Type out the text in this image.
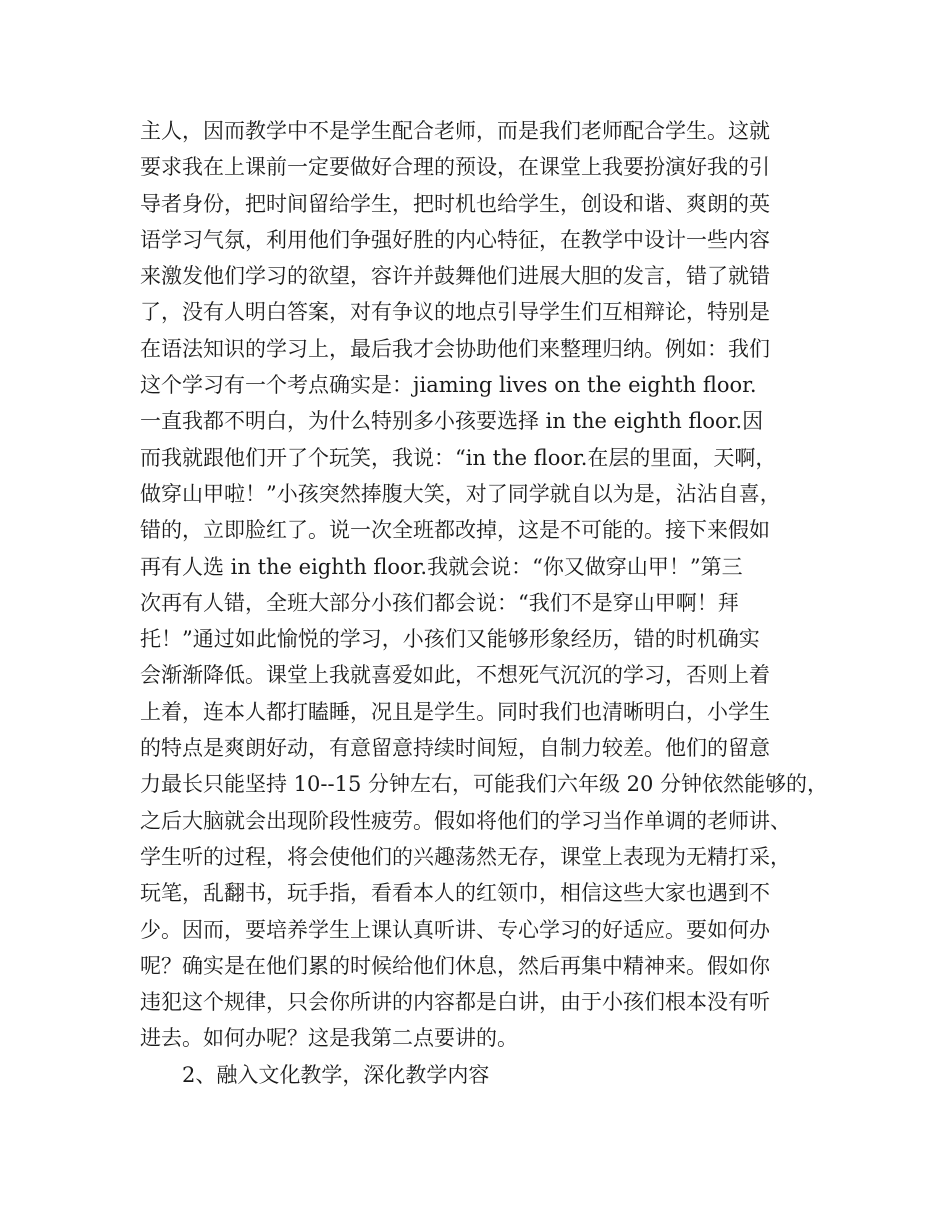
主人，因而教学中不是学生配合老师，而是我们老师配合学生。这就
要求我在上课前一定要做好合理的预设，在课堂上我要扮演好我的引
导者身份，把时间留给学生，把时机也给学生，创设和谐、爽朗的英
语学习气氛，利用他们争强好胜的内心特征，在教学中设计一些内容
来激发他们学习的欲望，容许并鼓舞他们进展大胆的发言，错了就错
了，没有人明白答案，对有争议的地点引导学生们互相辩论，特别是
在语法知识的学习上，最后我才会协助他们来整理归纳。例如：我们
这个学习有一个考点确实是：jiaming lives on the eighth floor.
一直我都不明白，为什么特别多小孩要选择 in the eighth floor.因
而我就跟他们开了个玩笑，我说：“in the floor.在层的里面，天啊，
做穿山甲啦！”小孩突然捧腹大笑，对了同学就自以为是，沾沾自喜，
错的，立即脸红了。说一次全班都改掉，这是不可能的。接下来假如
再有人选 in the eighth floor.我就会说：“你又做穿山甲！”第三
次再有人错，全班大部分小孩们都会说：“我们不是穿山甲啊！拜
托！”通过如此愉悦的学习，小孩们又能够形象经历，错的时机确实
会渐渐降低。课堂上我就喜爱如此，不想死气沉沉的学习，否则上着
上着，连本人都打瞌睡，况且是学生。同时我们也清晰明白，小学生
的特点是爽朗好动，有意留意持续时间短，自制力较差。他们的留意
力最长只能坚持 10--15 分钟左右，可能我们六年级 20 分钟依然能够的，
之后大脑就会出现阶段性疲劳。假如将他们的学习当作单调的老师讲、
学生听的过程，将会使他们的兴趣荡然无存，课堂上表现为无精打采，
玩笔，乱翻书，玩手指，看看本人的红领巾，相信这些大家也遇到不
少。因而，要培养学生上课认真听讲、专心学习的好适应。要如何办
呢？确实是在他们累的时候给他们休息，然后再集中精神来。假如你
违犯这个规律，只会你所讲的内容都是白讲，由于小孩们根本没有听
进去。如何办呢？这是我第二点要讲的。
2、融入文化教学，深化教学内容
